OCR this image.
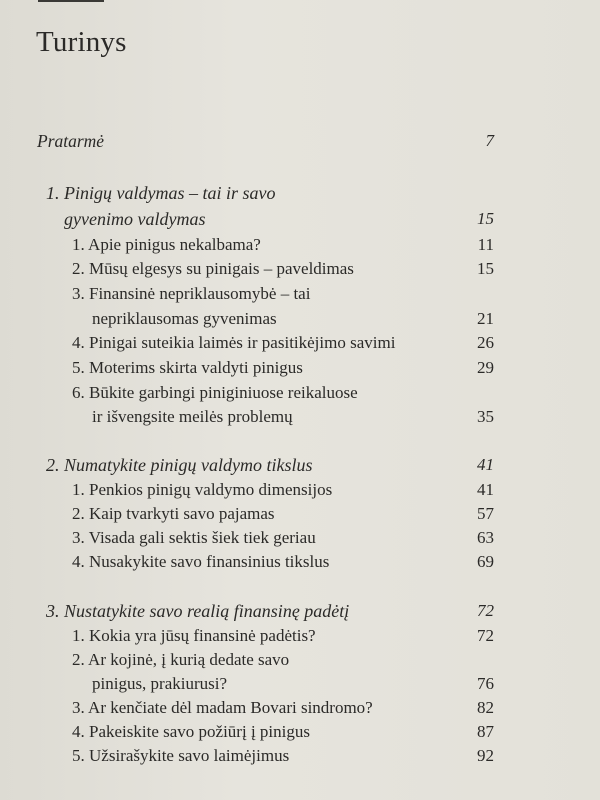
Turinys
Pratarmė	7
1. Pinigų valdymas – tai ir savo
gyvenimo valdymas	15
1. Apie pinigus nekalbama?	11
2. Mūsų elgesys su pinigais – paveldimas	15
3. Finansinė nepriklausomybė – tai
nepriklausomas gyvenimas	21
4. Pinigai suteikia laimės ir pasitikėjimo savimi	26
5. Moterims skirta valdyti pinigus	29
6. Būkite garbingi piniginiuose reikaluose
ir išvengsite meilės problemų	35
2. Numatykite pinigų valdymo tikslus	41
1. Penkios pinigų valdymo dimensijos	41
2. Kaip tvarkyti savo pajamas	57
3. Visada gali sektis šiek tiek geriau	63
4. Nusakykite savo finansinius tikslus	69
3. Nustatykite savo realią finansinę padėtį	72
1. Kokia yra jūsų finansinė padėtis?	72
2. Ar kojinė, į kurią dedate savo
pinigus, prakiurusi?	76
3. Ar kenčiate dėl madam Bovari sindromo?	82
4. Pakeiskite savo požiūrį į pinigus	87
5. Užsirašykite savo laimėjimus	92
